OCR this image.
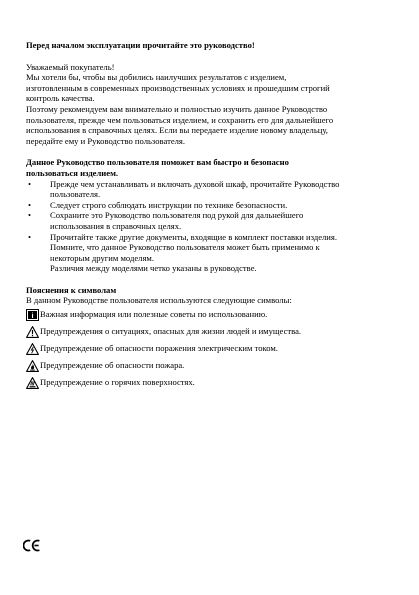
Перед началом эксплуатации прочитайте это руководство!

Уважаемый покупатель!

Мы хотели бы, чтобы вы добились наилучших результатов с изделием,
изготовленным в современных производственных условиях и прошедшим строгий
контроль качества.
Поэтому рекомендуем вам внимательно и полностью изучить данное Руководство
пользователя, прежде чем пользоваться изделием, и сохранить его для дальнейшего
использования в справочных целях. Если вы передаете изделие новому владельцу,
передайте ему и Руководство пользователя.
Данное Руководство пользователя поможет вам быстро и безопасно
пользоваться изделием.
• Прежде чем устанавливать и включать духовой шкаф, прочитайте Руководство
пользователя.
• Следует строго соблюдать инструкции по технике безопасности.
• Сохраните это Руководство пользователя под рукой для дальнейшего
использования в справочных целях.
• Прочитайте также другие документы, входящие в комплект поставки изделия.
Помните, что данное Руководство пользователя может быть применимо к
некоторым другим моделям.
Различия между моделями четко указаны в руководстве.
Пояснения к символам
В данном Руководстве пользователя используются следующие символы:
i Важная информация или полезные советы по использованию.
Предупреждения о ситуациях, опасных для жизни людей и имущества.
Предупреждение об опасности поражения электрическим током.
Предупреждение об опасности пожара.
Предупреждение о горячих поверхностях.
